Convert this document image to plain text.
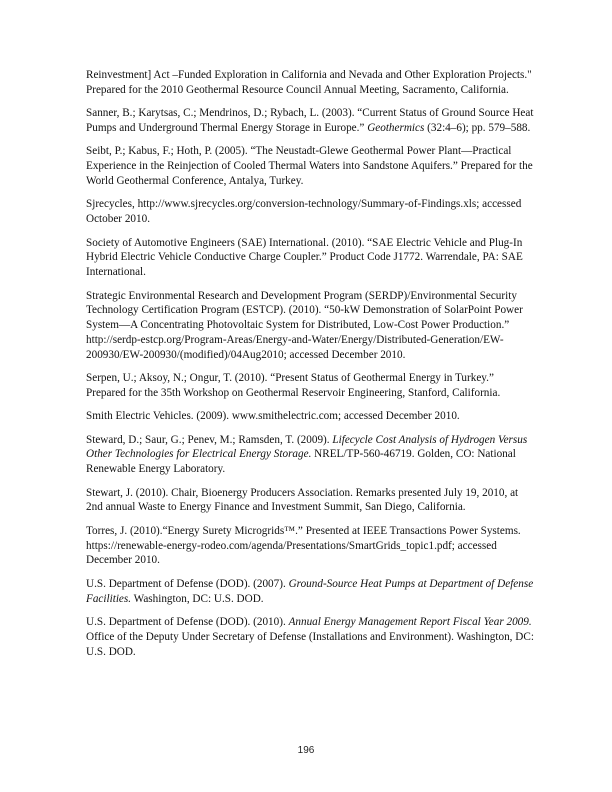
Reinvestment] Act –Funded Exploration in California and Nevada and Other Exploration Projects." Prepared for the 2010 Geothermal Resource Council Annual Meeting, Sacramento, California.

Sanner, B.; Karytsas, C.; Mendrinos, D.; Rybach, L. (2003). “Current Status of Ground Source Heat Pumps and Underground Thermal Energy Storage in Europe.” Geothermics (32:4–6); pp. 579–588.

Seibt, P.; Kabus, F.; Hoth, P. (2005). “The Neustadt-Glewe Geothermal Power Plant—Practical Experience in the Reinjection of Cooled Thermal Waters into Sandstone Aquifers.” Prepared for the World Geothermal Conference, Antalya, Turkey.

Sjrecycles, http://www.sjrecycles.org/conversion-technology/Summary-of-Findings.xls; accessed October 2010.

Society of Automotive Engineers (SAE) International. (2010). “SAE Electric Vehicle and Plug-In Hybrid Electric Vehicle Conductive Charge Coupler.” Product Code J1772. Warrendale, PA: SAE International.

Strategic Environmental Research and Development Program (SERDP)/Environmental Security Technology Certification Program (ESTCP). (2010). “50-kW Demonstration of SolarPoint Power System—A Concentrating Photovoltaic System for Distributed, Low-Cost Power Production.” http://serdp-estcp.org/Program-Areas/Energy-and-Water/Energy/Distributed-Generation/EW-200930/EW-200930/(modified)/04Aug2010; accessed December 2010.

Serpen, U.; Aksoy, N.; Ongur, T. (2010). “Present Status of Geothermal Energy in Turkey.” Prepared for the 35th Workshop on Geothermal Reservoir Engineering, Stanford, California.

Smith Electric Vehicles. (2009). www.smithelectric.com; accessed December 2010.

Steward, D.; Saur, G.; Penev, M.; Ramsden, T. (2009). Lifecycle Cost Analysis of Hydrogen Versus Other Technologies for Electrical Energy Storage. NREL/TP-560-46719. Golden, CO: National Renewable Energy Laboratory.

Stewart, J. (2010). Chair, Bioenergy Producers Association. Remarks presented July 19, 2010, at 2nd annual Waste to Energy Finance and Investment Summit, San Diego, California.

Torres, J. (2010).“Energy Surety Microgrids™.” Presented at IEEE Transactions Power Systems. https://renewable-energy-rodeo.com/agenda/Presentations/SmartGrids_topic1.pdf; accessed December 2010.

U.S. Department of Defense (DOD). (2007). Ground-Source Heat Pumps at Department of Defense Facilities. Washington, DC: U.S. DOD.

U.S. Department of Defense (DOD). (2010). Annual Energy Management Report Fiscal Year 2009. Office of the Deputy Under Secretary of Defense (Installations and Environment). Washington, DC: U.S. DOD.

196
